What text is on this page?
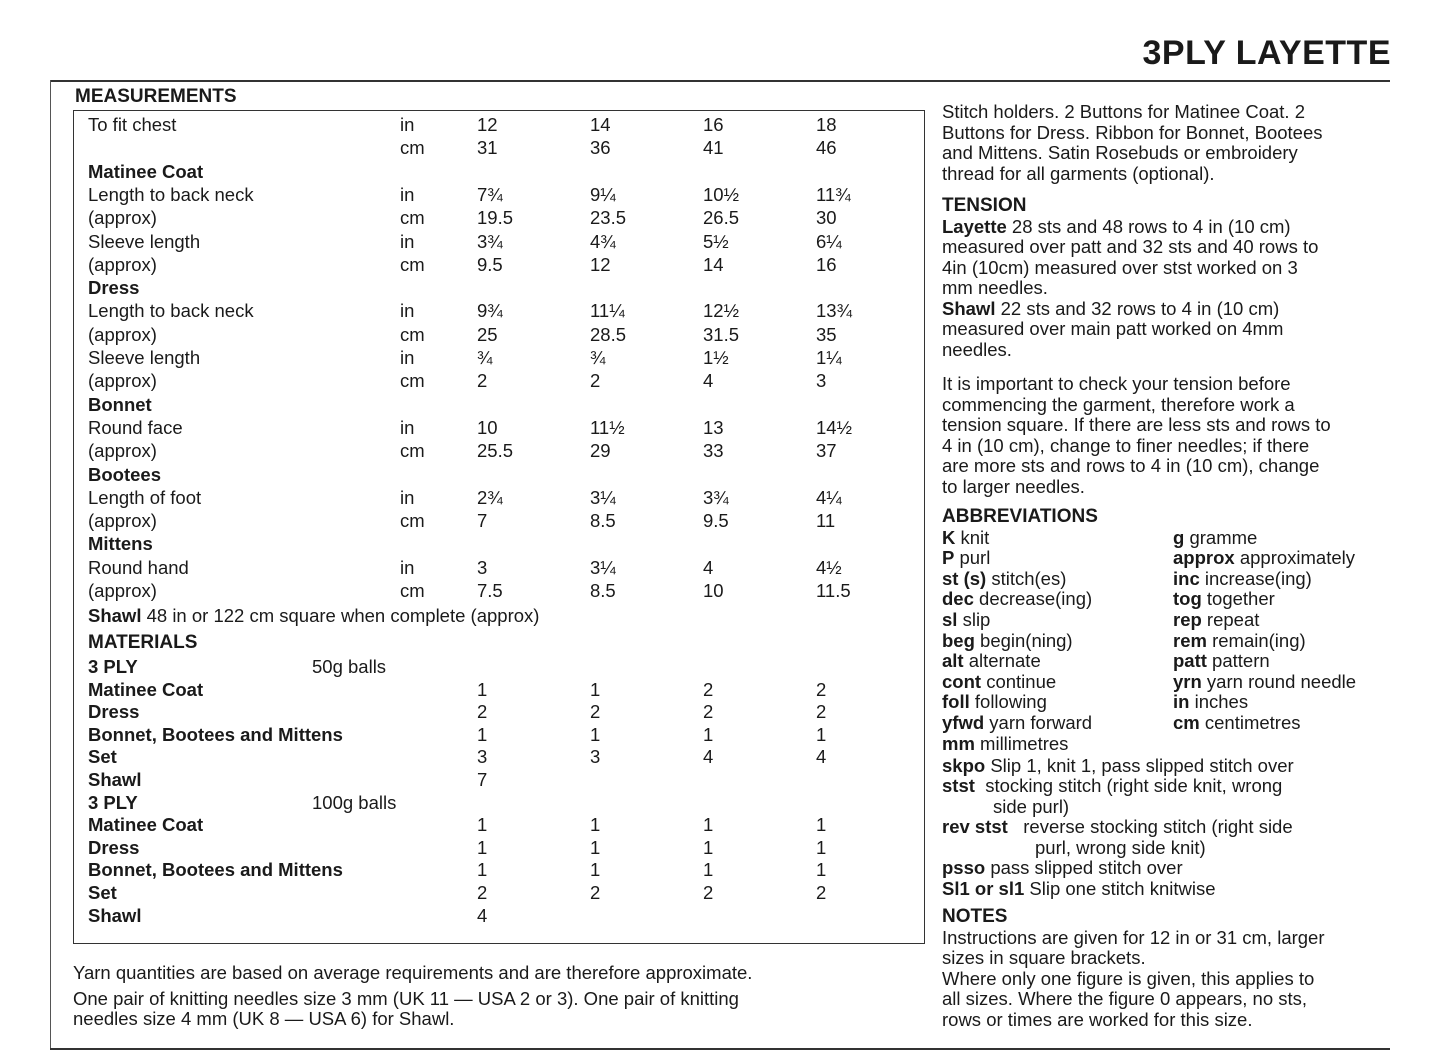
3PLY LAYETTE
MEASUREMENTS
Shawl 48 in or 122 cm square when complete (approx)
MATERIALS
To fit chest	in	12	14	16	18
cm	31	36	41	46
Matinee Coat
Length to back neck	in	7¾	9¼	10½	11¾
(approx)	cm	19.5	23.5	26.5	30
Sleeve length	in	3¾	4¾	5½	6¼
(approx)	cm	9.5	12	14	16
Dress
Length to back neck	in	9¾	11¼	12½	13¾
(approx)	cm	25	28.5	31.5	35
Sleeve length	in	¾	¾	1½	1¼
(approx)	cm	2	2	4	3
Bonnet
Round face	in	10	11½	13	14½
(approx)	cm	25.5	29	33	37
Bootees
Length of foot	in	2¾	3¼	3¾	4¼
(approx)	cm	7	8.5	9.5	11
Mittens
Round hand	in	3	3¼	4	4½
(approx)	cm	7.5	8.5	10	11.5
3 PLY	50g balls
Matinee Coat	1	1	2	2
Dress	2	2	2	2
Bonnet, Bootees and Mittens	1	1	1	1
Set	3	3	4	4
Shawl	7
3 PLY	100g balls
Matinee Coat	1	1	1	1
Dress	1	1	1	1
Bonnet, Bootees and Mittens	1	1	1	1
Set	2	2	2	2
Shawl	4
Yarn quantities are based on average requirements and are therefore approximate.
One pair of knitting needles size 3 mm (UK 11 — USA 2 or 3). One pair of knitting
needles size 4 mm (UK 8 — USA 6) for Shawl.

Stitch holders. 2 Buttons for Matinee Coat. 2

Buttons for Dress. Ribbon for Bonnet, Bootees

and Mittens. Satin Rosebuds or embroidery

thread for all garments (optional).

TENSION

Layette 28 sts and 48 rows to 4 in (10 cm)

measured over patt and 32 sts and 40 rows to

4in (10cm) measured over stst worked on 3

mm needles.

Shawl 22 sts and 32 rows to 4 in (10 cm)

measured over main patt worked on 4mm

needles.

It is important to check your tension before

commencing the garment, therefore work a

tension square. If there are less sts and rows to

4 in (10 cm), change to finer needles; if there

are more sts and rows to 4 in (10 cm), change

to larger needles.

ABBREVIATIONS

K knit
P purl
st (s) stitch(es)
dec decrease(ing)
sl slip
beg begin(ning)
alt alternate
cont continue
foll following
yfwd yarn forward
mm millimetres
g gramme
approx approximately
inc increase(ing)
tog together
rep repeat
rem remain(ing)
patt pattern
yrn yarn round needle
in inches
cm centimetres

skpo Slip 1, knit 1, pass slipped stitch over

stst stocking stitch (right side knit, wrong

side purl)

rev stst reverse stocking stitch (right side

purl, wrong side knit)

psso pass slipped stitch over

Sl1 or sl1 Slip one stitch knitwise

NOTES

Instructions are given for 12 in or 31 cm, larger

sizes in square brackets.

Where only one figure is given, this applies to

all sizes. Where the figure 0 appears, no sts,

rows or times are worked for this size.
